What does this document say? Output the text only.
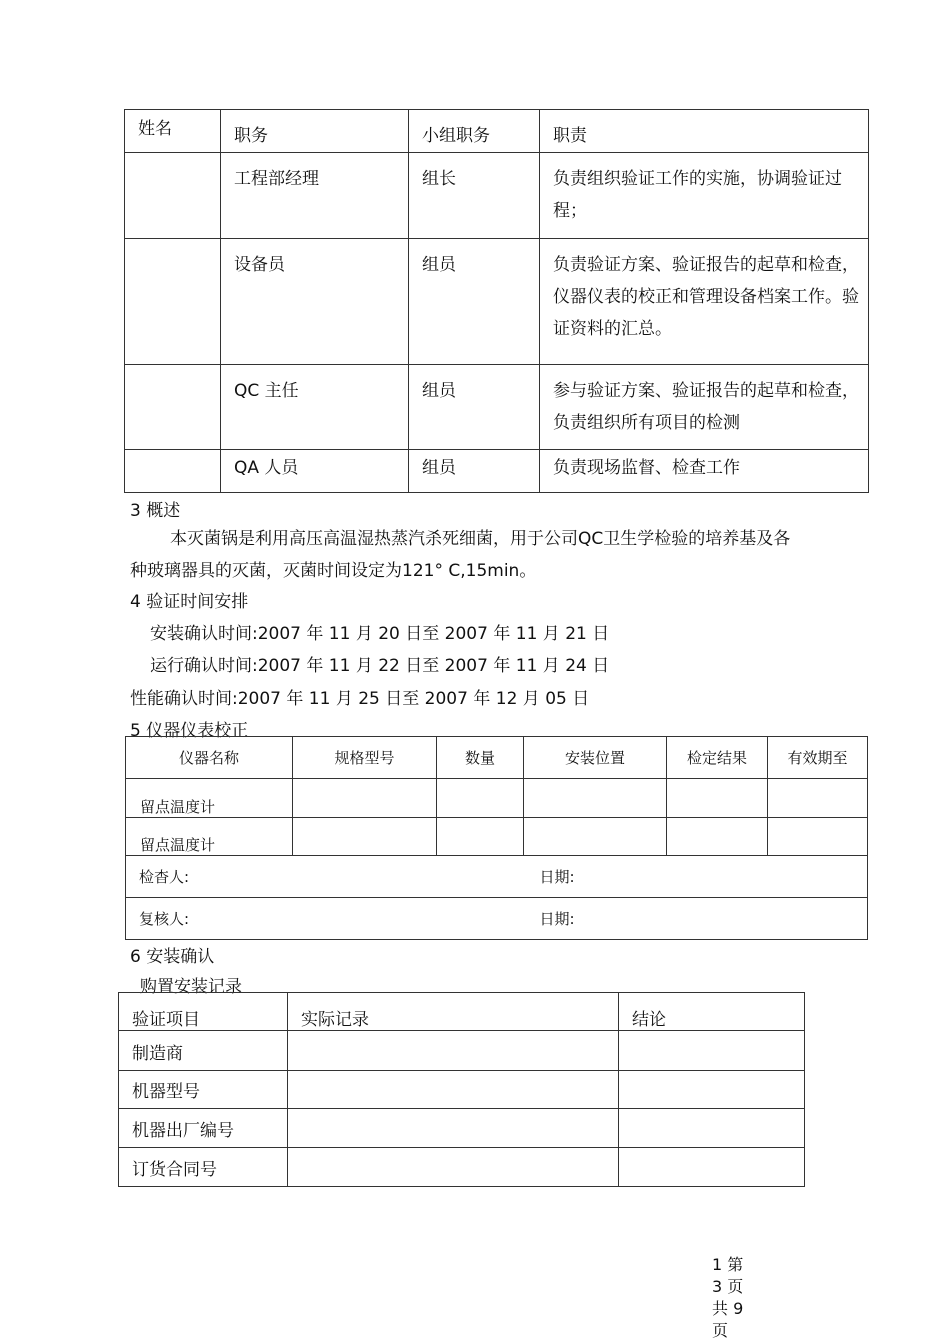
姓名	职务	小组职务	职责
	工程部经理	组长	负责组织验证工作的实施，协调验证过程；
	设备员	组员	负责验证方案、验证报告的起草和检查，仪器仪表的校正和管理设备档案工作。验证资料的汇总。
	QC 主任	组员	参与验证方案、验证报告的起草和检查，负责组织所有项目的检测
	QA 人员	组员	负责现场监督、检查工作
3 概述
本灭菌锅是利用高压高温湿热蒸汽杀死细菌，用于公司QC卫生学检验的培养基及各
种玻璃器具的灭菌，灭菌时间设定为121° C,15min。
4 验证时间安排
安装确认时间:2007 年 11 月 20 日至 2007 年 11 月 21 日
运行确认时间:2007 年 11 月 22 日至 2007 年 11 月 24 日
性能确认时间:2007 年 11 月 25 日至 2007 年 12 月 05 日
5 仪器仪表校正
仪器名称	规格型号	数量	安装位置	检定结果	有效期至
留点温度计					
留点温度计					
检杳人:			日期:		
复核人:			日期:		
6 安装确认
购置安装记录
验证项目	实际记录	结论
制造商		
机器型号		
机器出厂编号		
订货合同号		
1 第
3 页
共 9
页
